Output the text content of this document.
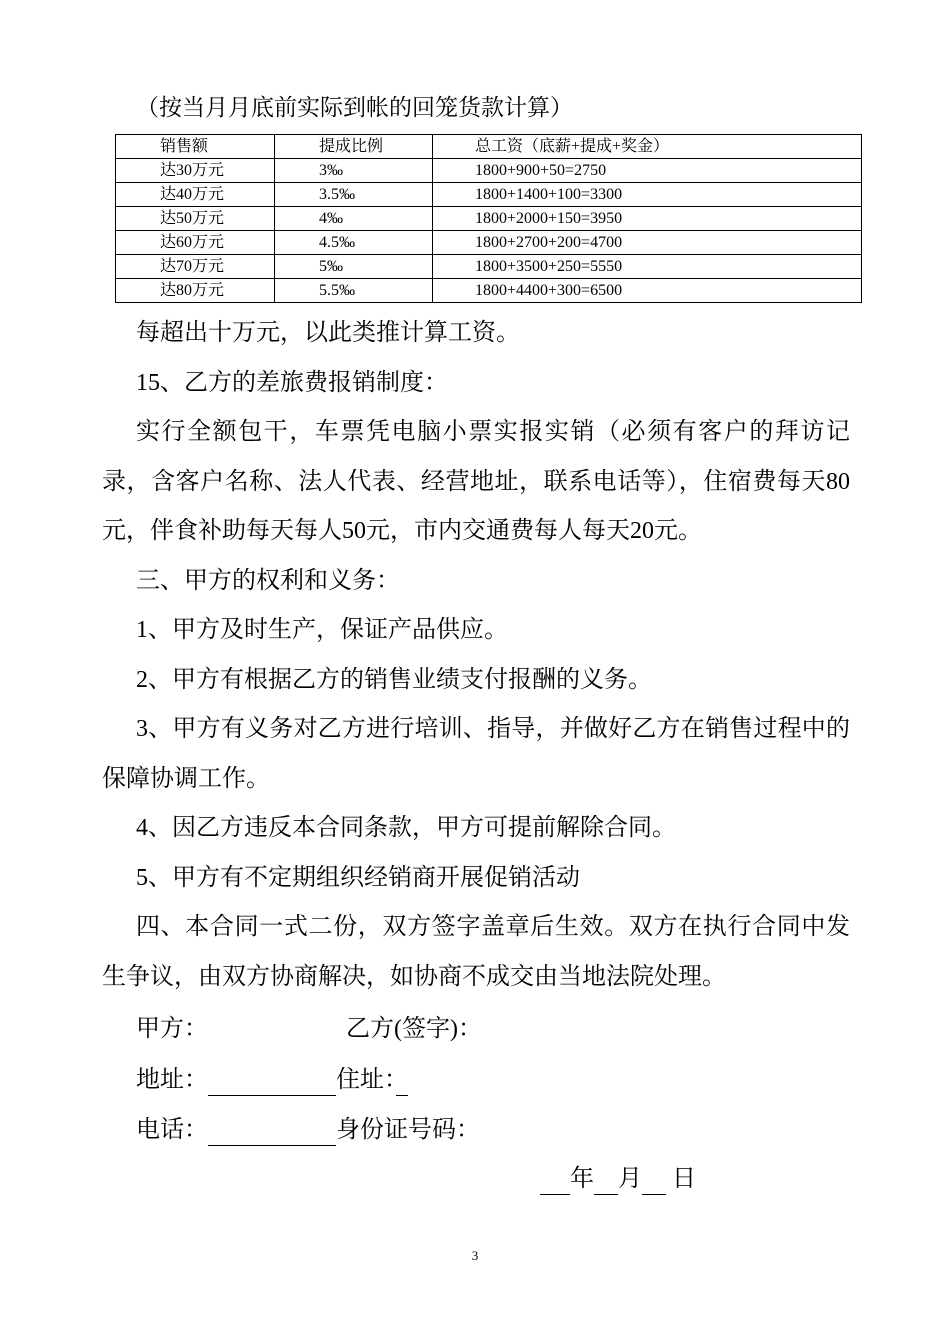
（按当月月底前实际到帐的回笼货款计算）
销售额	提成比例	总工资（底薪+提成+奖金）
达30万元	3‰	1800+900+50=2750
达40万元	3.5‰	1800+1400+100=3300
达50万元	4‰	1800+2000+150=3950
达60万元	4.5‰	1800+2700+200=4700
达70万元	5‰	1800+3500+250=5550
达80万元	5.5‰	1800+4400+300=6500

每超出十万元，以此类推计算工资。

15、乙方的差旅费报销制度：

实行全额包干，车票凭电脑小票实报实销（必须有客户的拜访记录，含客户名称、法人代表、经营地址，联系电话等），住宿费每天80元，伴食补助每天每人50元，市内交通费每人每天20元。

三、甲方的权利和义务：

1、甲方及时生产，保证产品供应。

2、甲方有根据乙方的销售业绩支付报酬的义务。

3、甲方有义务对乙方进行培训、指导，并做好乙方在销售过程中的保障协调工作。

4、因乙方违反本合同条款，甲方可提前解除合同。

5、甲方有不定期组织经销商开展促销活动

四、本合同一式二份，双方签字盖章后生效。双方在执行合同中发生争议，由双方协商解决，如协商不成交由当地法院处理。

甲方：	乙方(签字)：
地址：	住址：
电话：	身份证号码：
年 月 日
3
